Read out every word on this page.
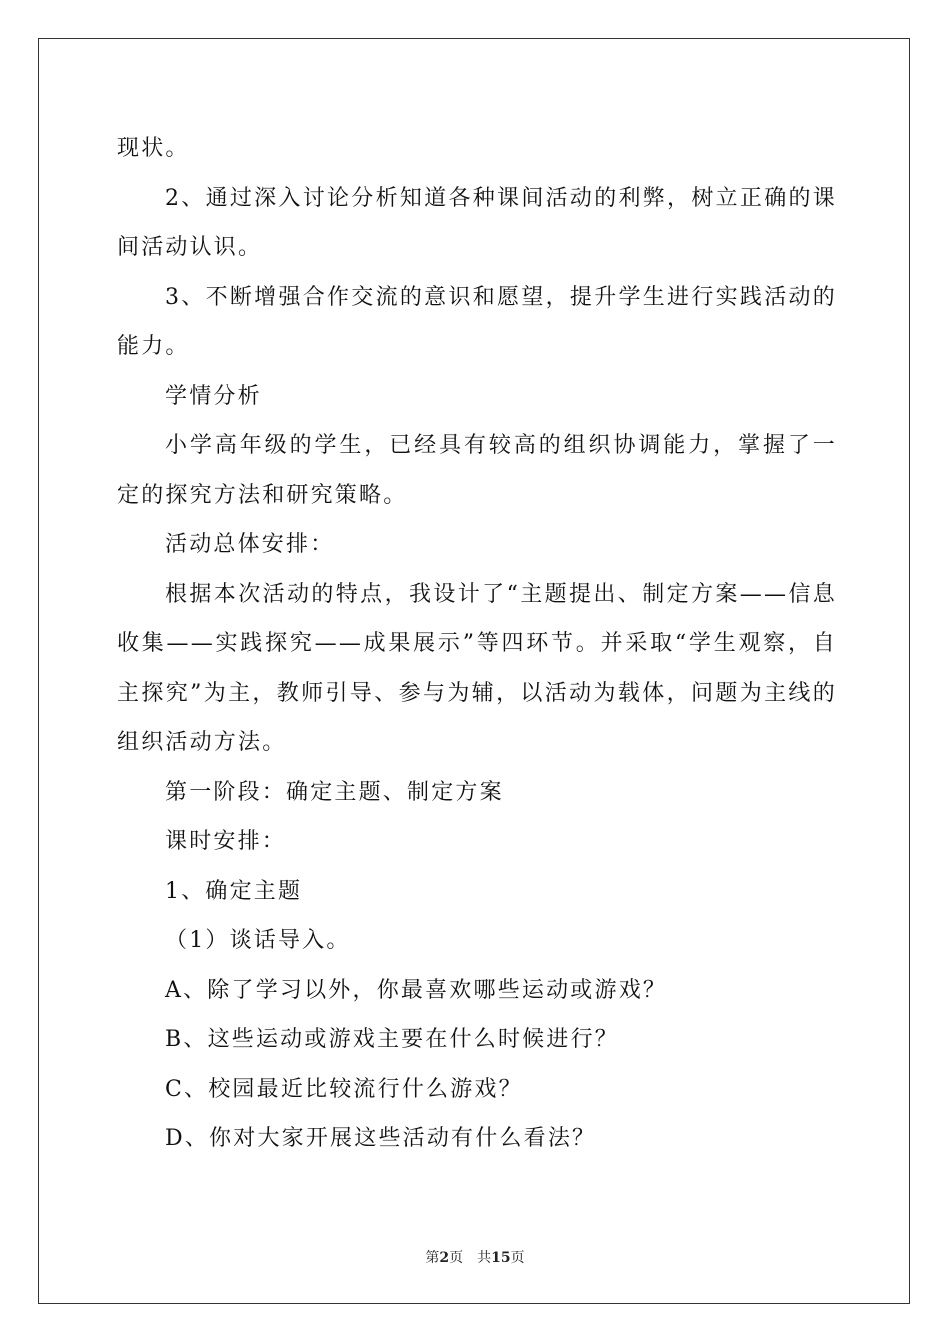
现状。

2、通过深入讨论分析知道各种课间活动的利弊，树立正确的课间活动认识。

3、不断增强合作交流的意识和愿望，提升学生进行实践活动的能力。

学情分析

小学高年级的学生，已经具有较高的组织协调能力，掌握了一定的探究方法和研究策略。

活动总体安排：

根据本次活动的特点，我设计了“主题提出、制定方案——信息收集——实践探究——成果展示”等四环节。并采取“学生观察，自主探究”为主，教师引导、参与为辅，以活动为载体，问题为主线的组织活动方法。

第一阶段：确定主题、制定方案

课时安排：

1、确定主题

（1）谈话导入。

A、除了学习以外，你最喜欢哪些运动或游戏？

B、这些运动或游戏主要在什么时候进行？

C、校园最近比较流行什么游戏？

D、你对大家开展这些活动有什么看法？

第2页　共15页
